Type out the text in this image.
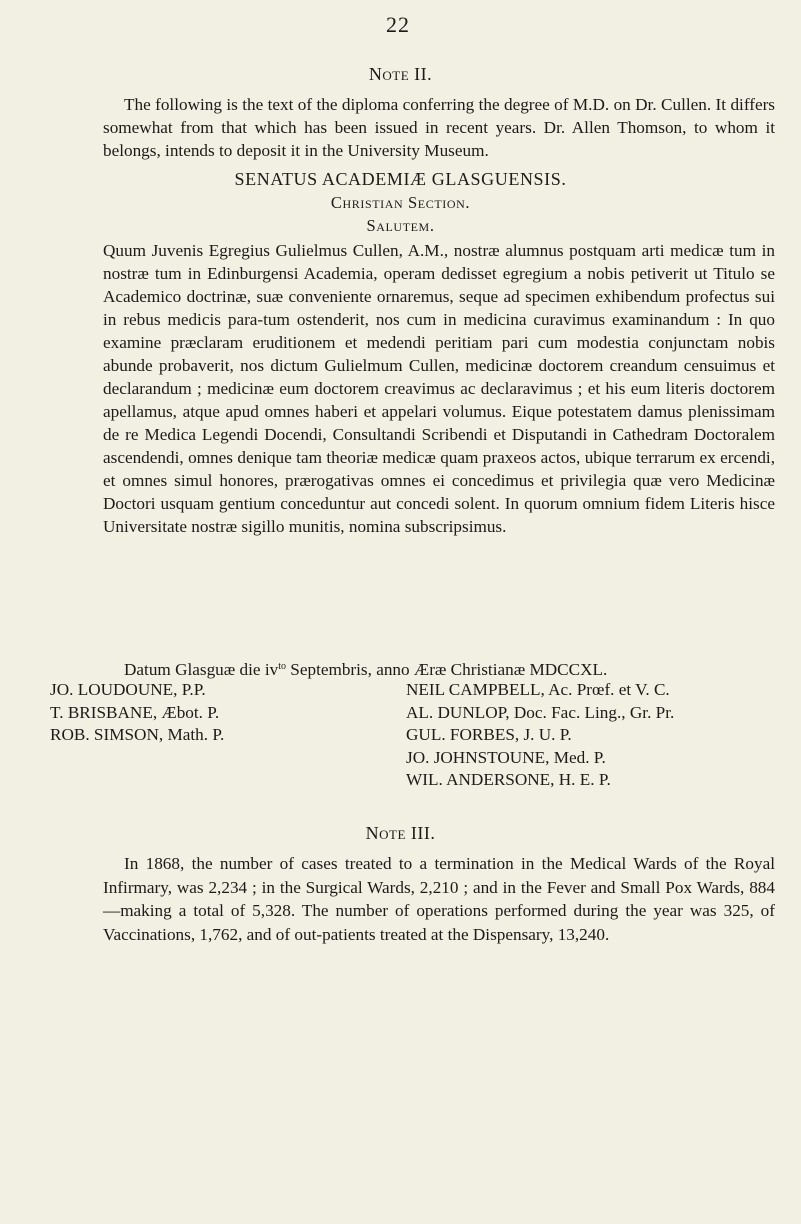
22
Note II.

The following is the text of the diploma conferring the degree of M.D. on Dr. Cullen. It differs somewhat from that which has been issued in recent years. Dr. Allen Thomson, to whom it belongs, intends to deposit it in the University Museum.

SENATUS ACADEMIÆ GLASGUENSIS.
Christian Section.
Salutem.

Quum Juvenis Egregius Gulielmus Cullen, A.M., nostræ alumnus postquam arti medicæ tum in nostræ tum in Edinburgensi Academia, operam dedisset egregium a nobis petiverit ut Titulo se Academico doctrinæ, suæ conveniente ornaremus, seque ad specimen exhibendum profectus sui in rebus medicis para-tum ostenderit, nos cum in medicina curavimus examinandum : In quo examine præclaram eruditionem et medendi peritiam pari cum modestia conjunctam nobis abunde probaverit, nos dictum Gulielmum Cullen, medicinæ doctorem creandum censuimus et declarandum ; medicinæ eum doctorem creavimus ac declaravimus ; et his eum literis doctorem apellamus, atque apud omnes haberi et appelari volumus. Eique potestatem damus plenissimam de re Medica Legendi Docendi, Consultandi Scribendi et Disputandi in Cathedram Doctoralem ascendendi, omnes denique tam theoriæ medicæ quam praxeos actos, ubique terrarum ex ercendi, et omnes simul honores, prærogativas omnes ei concedimus et privilegia quæ vero Medicinæ Doctori usquam gentium conceduntur aut concedi solent. In quorum omnium fidem Literis hisce Universitate nostræ sigillo munitis, nomina subscripsimus.

Datum Glasguæ die $iv^{to}$ Septembris, anno Æræ Christianæ MDCCXL.

JO. LOUDOUNE, P.P.
T. BRISBANE, Æbot. P.
ROB. SIMSON, Math. P.
NEIL CAMPBELL, Ac. Prœf. et V. C.
AL. DUNLOP, Doc. Fac. Ling., Gr. Pr.
GUL. FORBES, J. U. P.
JO. JOHNSTOUNE, Med. P.
WIL. ANDERSONE, H. E. P.
Note III.

In 1868, the number of cases treated to a termination in the Medical Wards of the Royal Infirmary, was 2,234 ; in the Surgical Wards, 2,210 ; and in the Fever and Small Pox Wards, 884—making a total of 5,328. The number of operations performed during the year was 325, of Vaccinations, 1,762, and of out-patients treated at the Dispensary, 13,240.
